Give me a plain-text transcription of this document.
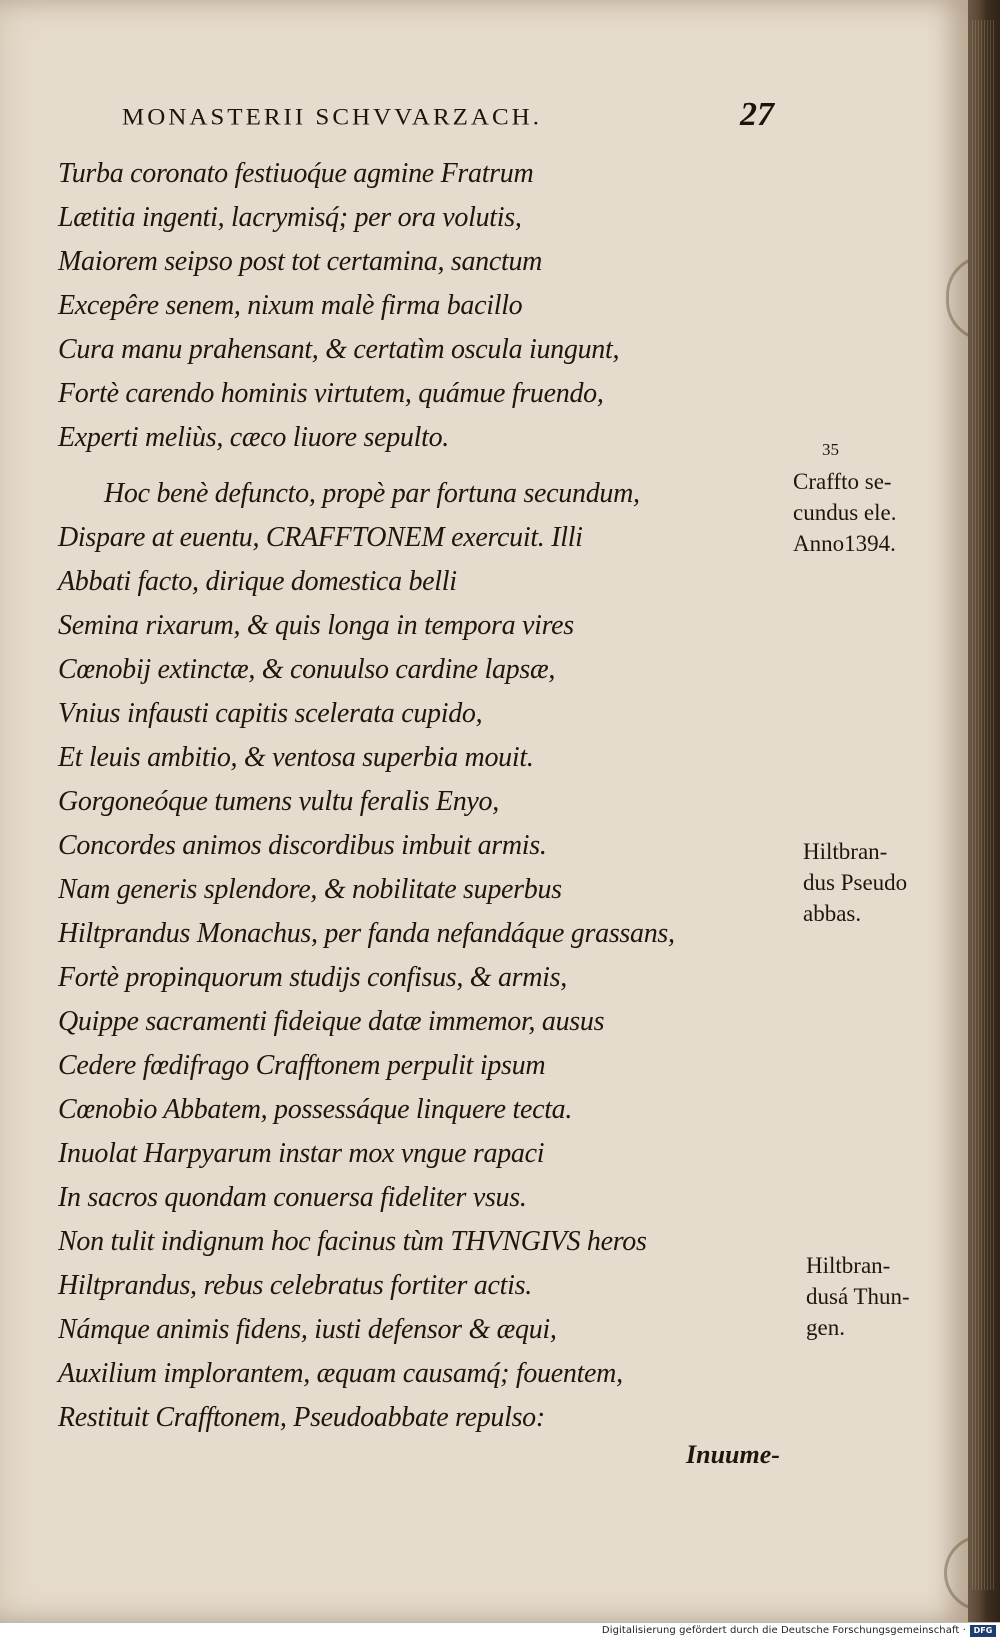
MONASTERII SCHVVARZACH.	27
Turba coronato festiuoq́ue agmine Fratrum
Lætitia ingenti, lacrymisq́; per ora volutis,
Maiorem seipso post tot certamina, sanctum
Excepêre senem, nixum malè firma bacillo
Cura manu prahensant, & certatìm oscula iungunt,
Fortè carendo hominis virtutem, quámue fruendo,
Experti meliùs, cæco liuore sepulto.
Hoc benè defuncto, propè par fortuna secundum,
Dispare at euentu, CRAFFTONEM exercuit. Illi
Abbati facto, dirique domestica belli
Semina rixarum, & quis longa in tempora vires
Cœnobij extinctæ, & conuulso cardine lapsæ,
Vnius infausti capitis scelerata cupido,
Et leuis ambitio, & ventosa superbia mouit.
Gorgoneóque tumens vultu feralis Enyo,
Concordes animos discordibus imbuit armis.
Nam generis splendore, & nobilitate superbus
Hiltprandus Monachus, per fanda nefandáque grassans,
Fortè propinquorum studijs confisus, & armis,
Quippe sacramenti fideique datæ immemor, ausus
Cedere fœdifrago Crafftonem perpulit ipsum
Cœnobio Abbatem, possessáque linquere tecta.
Inuolat Harpyarum instar mox vngue rapaci
In sacros quondam conuersa fideliter vsus.
Non tulit indignum hoc facinus tùm THVNGIVS heros
Hiltprandus, rebus celebratus fortiter actis.
Námque animis fidens, iusti defensor & æqui,
Auxilium implorantem, æquam causamq́; fouentem,
Restituit Crafftonem, Pseudoabbate repulso:
35
Craffto se-
cundus ele.
Anno1394.
Hiltbran-
dus Pseudo
abbas.
Hiltbran-
dusá Thun-
gen.
Inuume-
Digitalisierung gefördert durch die Deutsche Forschungsgemeinschaft · DFG
